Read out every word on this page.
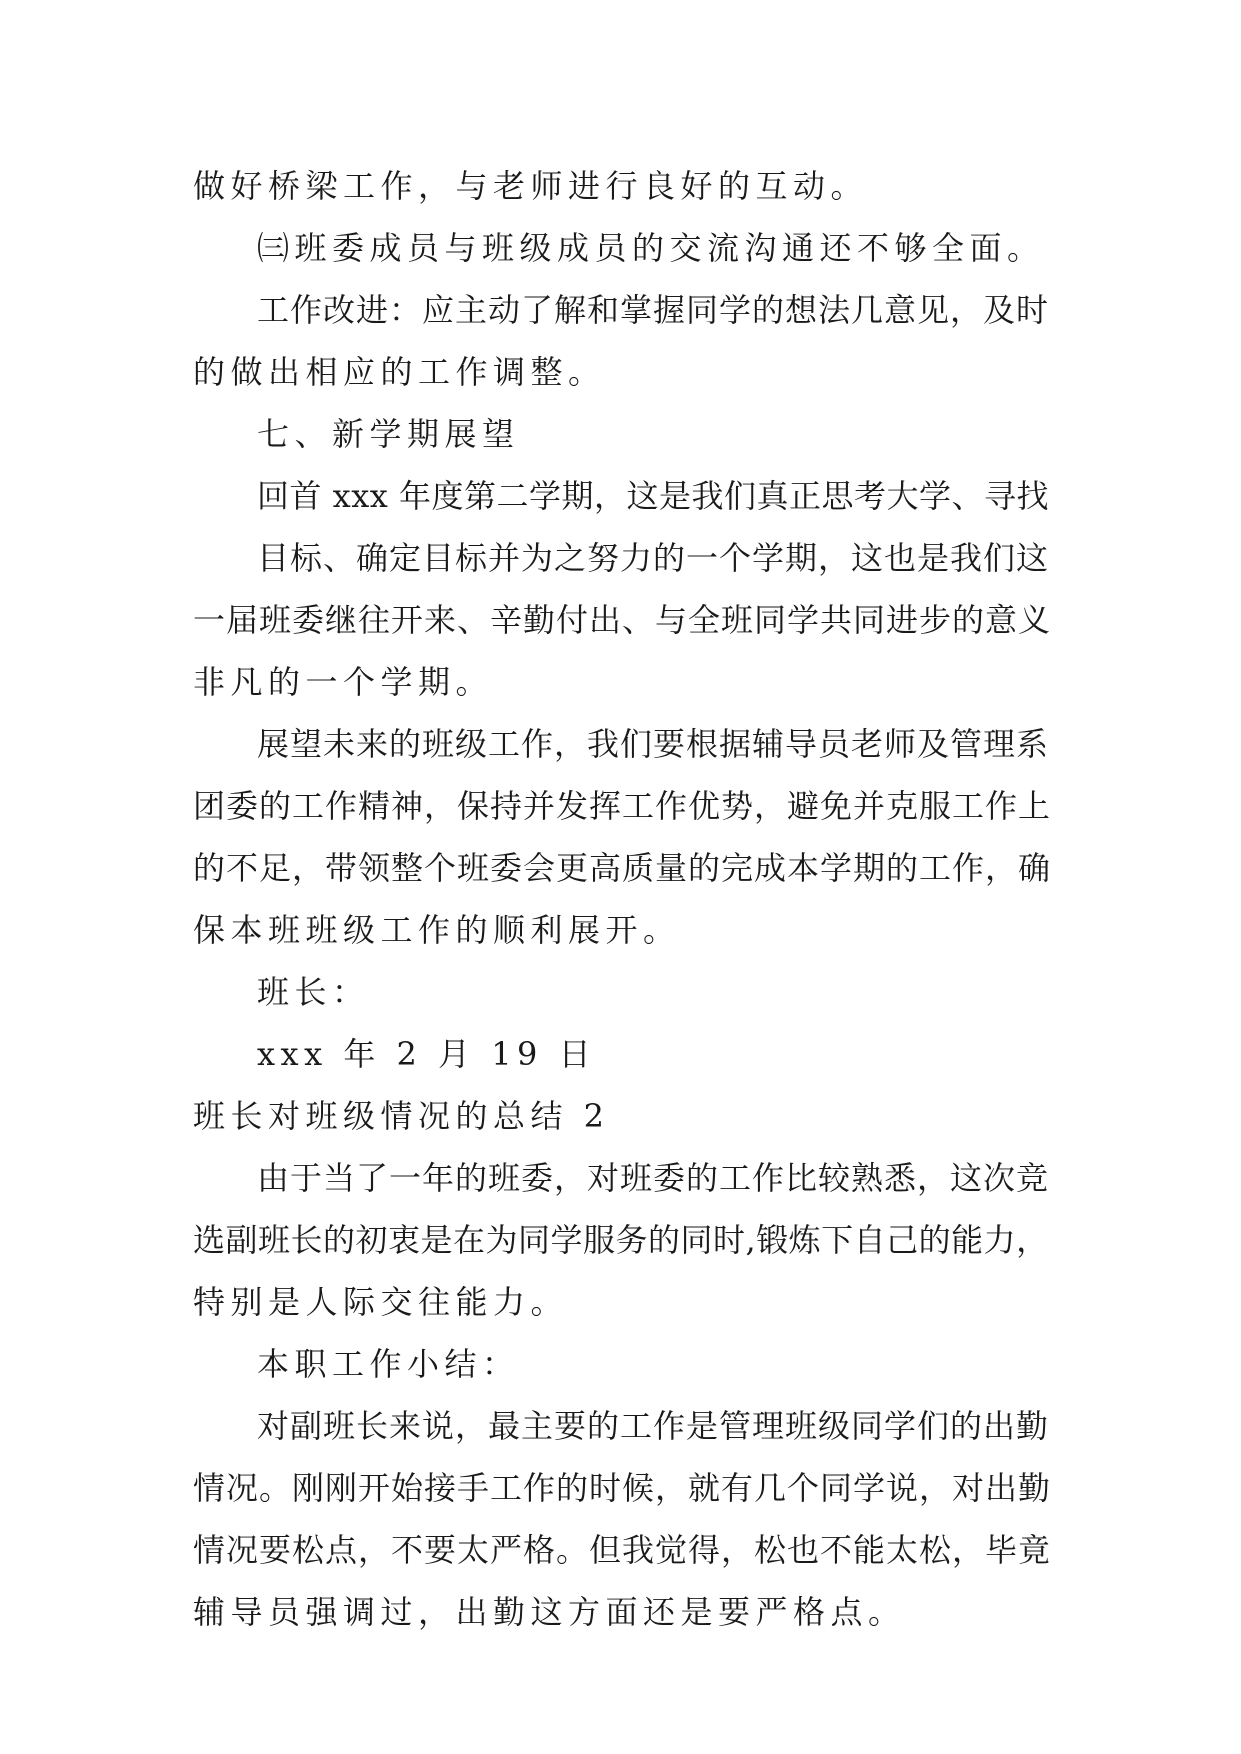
做好桥梁工作，与老师进行良好的互动。
㈢班委成员与班级成员的交流沟通还不够全面。
工作改进：应主动了解和掌握同学的想法几意见，及时
的做出相应的工作调整。
七、新学期展望
回首 xxx 年度第二学期，这是我们真正思考大学、寻找
目标、确定目标并为之努力的一个学期，这也是我们这
一届班委继往开来、辛勤付出、与全班同学共同进步的意义
非凡的一个学期。
展望未来的班级工作，我们要根据辅导员老师及管理系
团委的工作精神，保持并发挥工作优势，避免并克服工作上
的不足，带领整个班委会更高质量的完成本学期的工作，确
保本班班级工作的顺利展开。
班长：
xxx 年 2 月 19 日
班长对班级情况的总结 2
由于当了一年的班委，对班委的工作比较熟悉，这次竞
选副班长的初衷是在为同学服务的同时,锻炼下自己的能力，
特别是人际交往能力。
本职工作小结：
对副班长来说，最主要的工作是管理班级同学们的出勤
情况。刚刚开始接手工作的时候，就有几个同学说，对出勤
情况要松点，不要太严格。但我觉得，松也不能太松，毕竟
辅导员强调过，出勤这方面还是要严格点。
